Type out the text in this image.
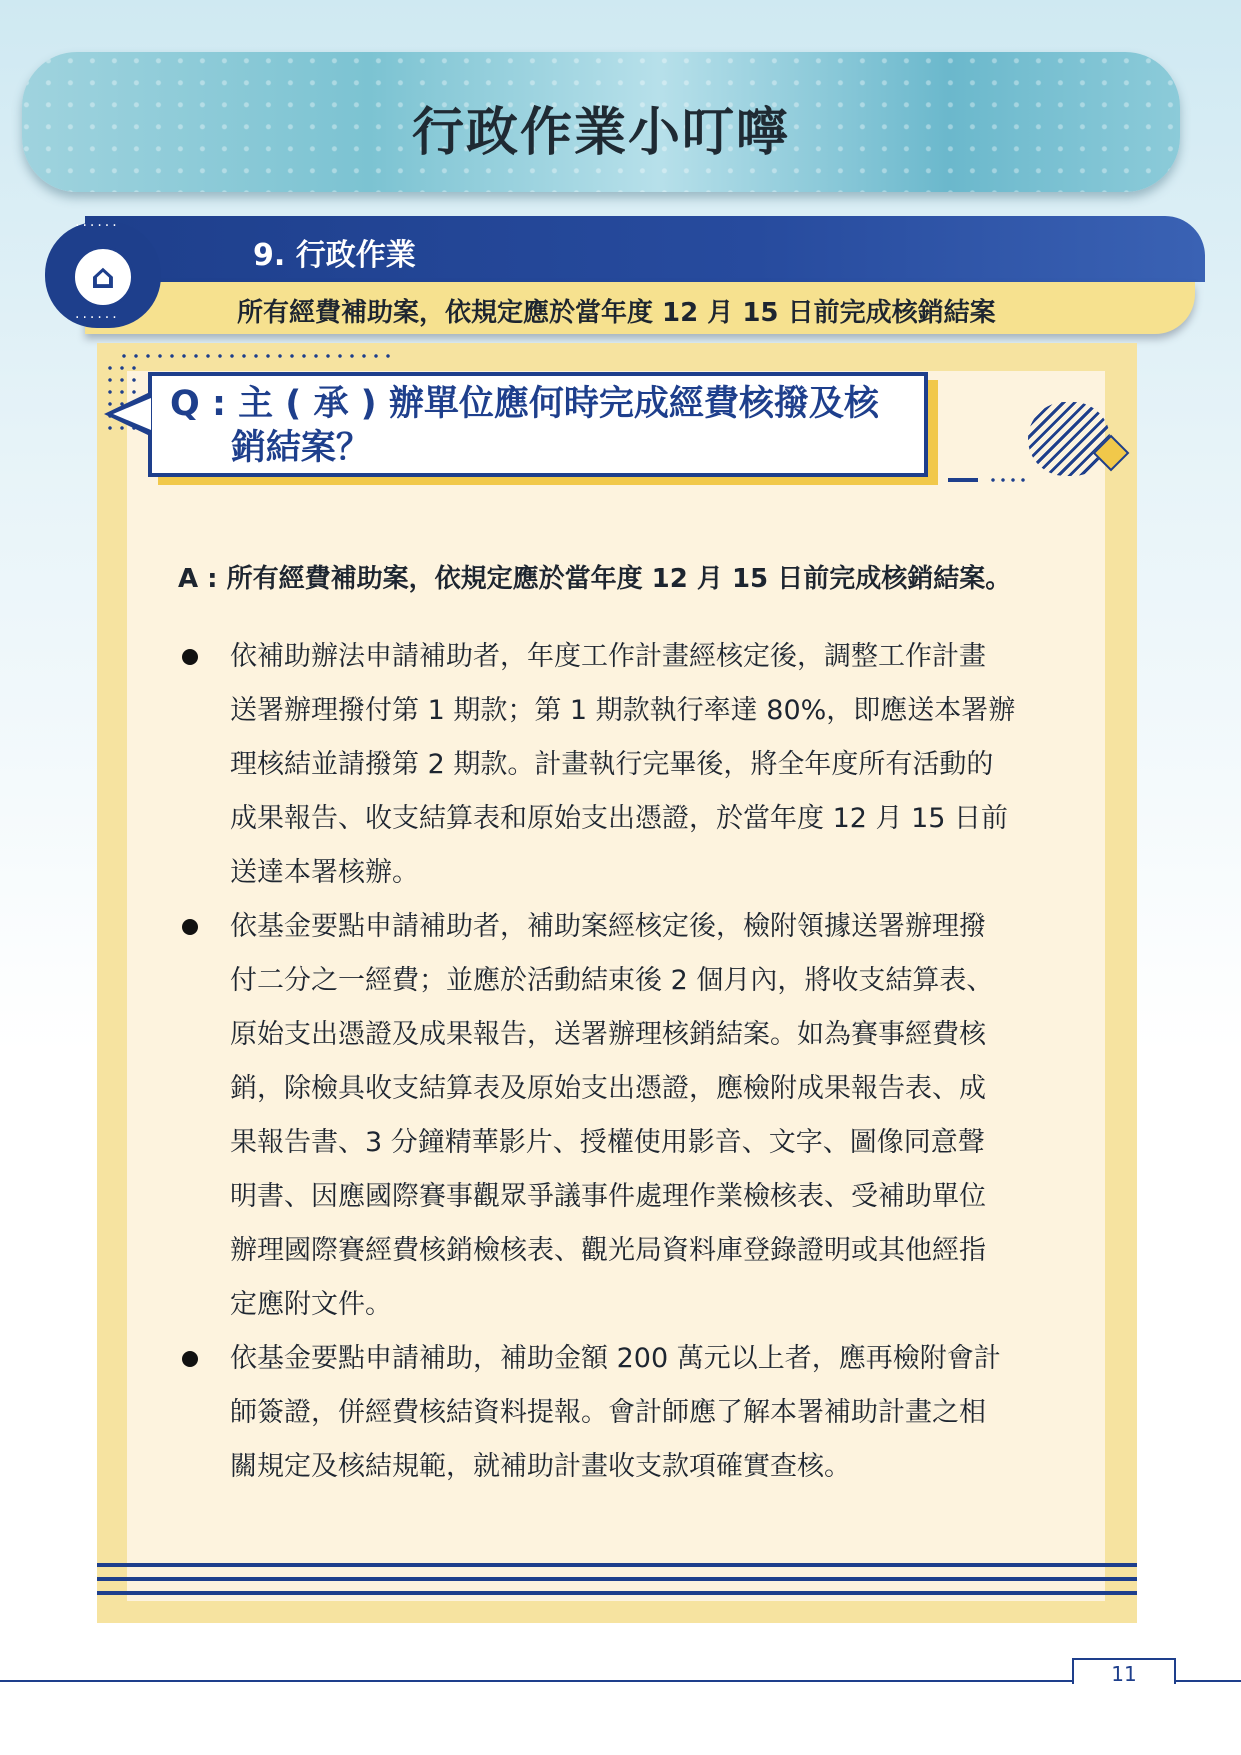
行政作業小叮嚀
9. 行政作業
所有經費補助案，依規定應於當年度 12 月 15 日前完成核銷結案
······
⌂
······
Q : 主 ( 承 ) 辦單位應何時完成經費核撥及核
銷結案？
A : 所有經費補助案，依規定應於當年度 12 月 15 日前完成核銷結案。
依補助辦法申請補助者，年度工作計畫經核定後，調整工作計畫
送署辦理撥付第 1 期款；第 1 期款執行率達 80%，即應送本署辦
理核結並請撥第 2 期款。計畫執行完畢後，將全年度所有活動的
成果報告、收支結算表和原始支出憑證，於當年度 12 月 15 日前
送達本署核辦。
依基金要點申請補助者，補助案經核定後，檢附領據送署辦理撥
付二分之一經費；並應於活動結束後 2 個月內，將收支結算表、
原始支出憑證及成果報告，送署辦理核銷結案。如為賽事經費核
銷，除檢具收支結算表及原始支出憑證，應檢附成果報告表、成
果報告書、3 分鐘精華影片、授權使用影音、文字、圖像同意聲
明書、因應國際賽事觀眾爭議事件處理作業檢核表、受補助單位
辦理國際賽經費核銷檢核表、觀光局資料庫登錄證明或其他經指
定應附文件。
依基金要點申請補助，補助金額 200 萬元以上者，應再檢附會計
師簽證，併經費核結資料提報。會計師應了解本署補助計畫之相
關規定及核結規範，就補助計畫收支款項確實查核。
11
